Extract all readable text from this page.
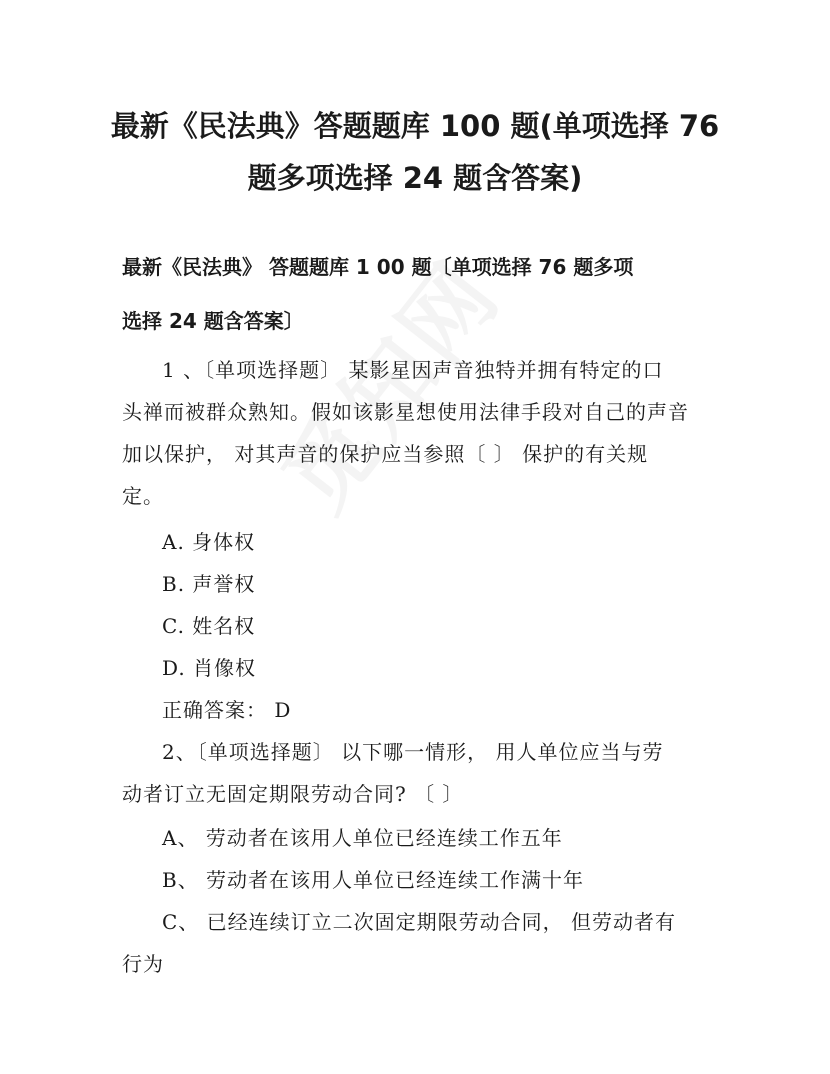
最新《民法典》答题题库 100 题(单项选择 76
题多项选择 24 题含答案)

最新《民法典》 答题题库 1 00 题〔单项选择 76 题多项

选择 24 题含答案〕

1 、〔单项选择题〕 某影星因声音独特并拥有特定的口

头禅而被群众熟知。假如该影星想使用法律手段对自己的声音

加以保护， 对其声音的保护应当参照〔 〕 保护的有关规

定。

A. 身体权

B. 声誉权

C. 姓名权

D. 肖像权

正确答案： D

2、〔单项选择题〕 以下哪一情形， 用人单位应当与劳

动者订立无固定期限劳动合同? 〔 〕

A、 劳动者在该用人单位已经连续工作五年

B、 劳动者在该用人单位已经连续工作满十年

C、 已经连续订立二次固定期限劳动合同， 但劳动者有

行为
